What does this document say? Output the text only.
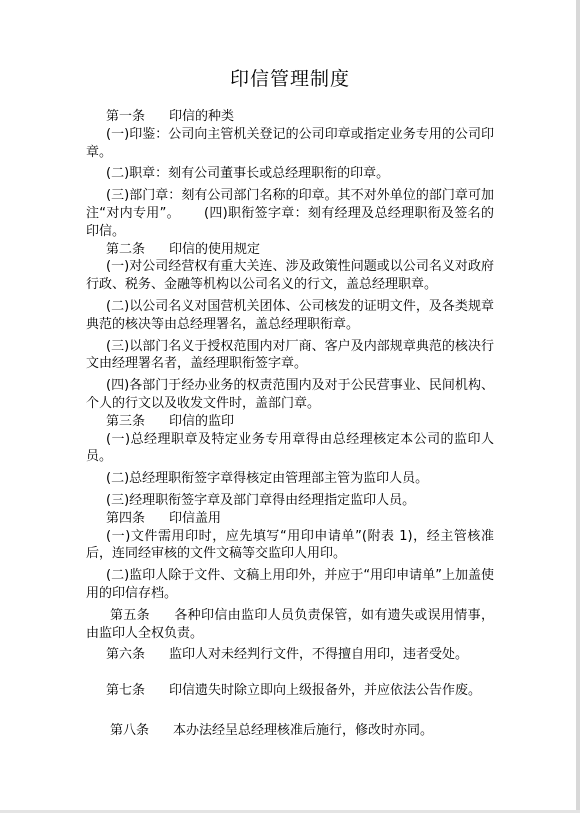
印信管理制度

第一条 印信的种类

(一)印鉴：公司向主管机关登记的公司印章或指定业务专用的公司印章。

(二)职章：刻有公司董事长或总经理职衔的印章。

(三)部门章：刻有公司部门名称的印章。其不对外单位的部门章可加注“对内专用”。 (四)职衔签字章：刻有经理及总经理职衔及签名的印信。

第二条 印信的使用规定

(一)对公司经营权有重大关连、涉及政策性问题或以公司名义对政府行政、税务、金融等机构以公司名义的行文，盖总经理职章。

(二)以公司名义对国营机关团体、公司核发的证明文件，及各类规章典范的核决等由总经理署名，盖总经理职衔章。

(三)以部门名义于授权范围内对厂商、客户及内部规章典范的核决行文由经理署名者，盖经理职衔签字章。

(四)各部门于经办业务的权责范围内及对于公民营事业、民间机构、个人的行文以及收发文件时，盖部门章。

第三条 印信的监印

(一)总经理职章及特定业务专用章得由总经理核定本公司的监印人员。

(二)总经理职衔签字章得核定由管理部主管为监印人员。

(三)经理职衔签字章及部门章得由经理指定监印人员。

第四条 印信盖用

(一)文件需用印时，应先填写“用印申请单”(附表 1)，经主管核准后，连同经审核的文件文稿等交监印人用印。

(二)监印人除于文件、文稿上用印外，并应于“用印申请单”上加盖使用的印信存档。

第五条 各种印信由监印人员负责保管，如有遗失或误用情事，由监印人全权负责。

第六条 监印人对未经判行文件，不得擅自用印，违者受处。

第七条 印信遗失时除立即向上级报备外，并应依法公告作废。

第八条 本办法经呈总经理核准后施行，修改时亦同。
